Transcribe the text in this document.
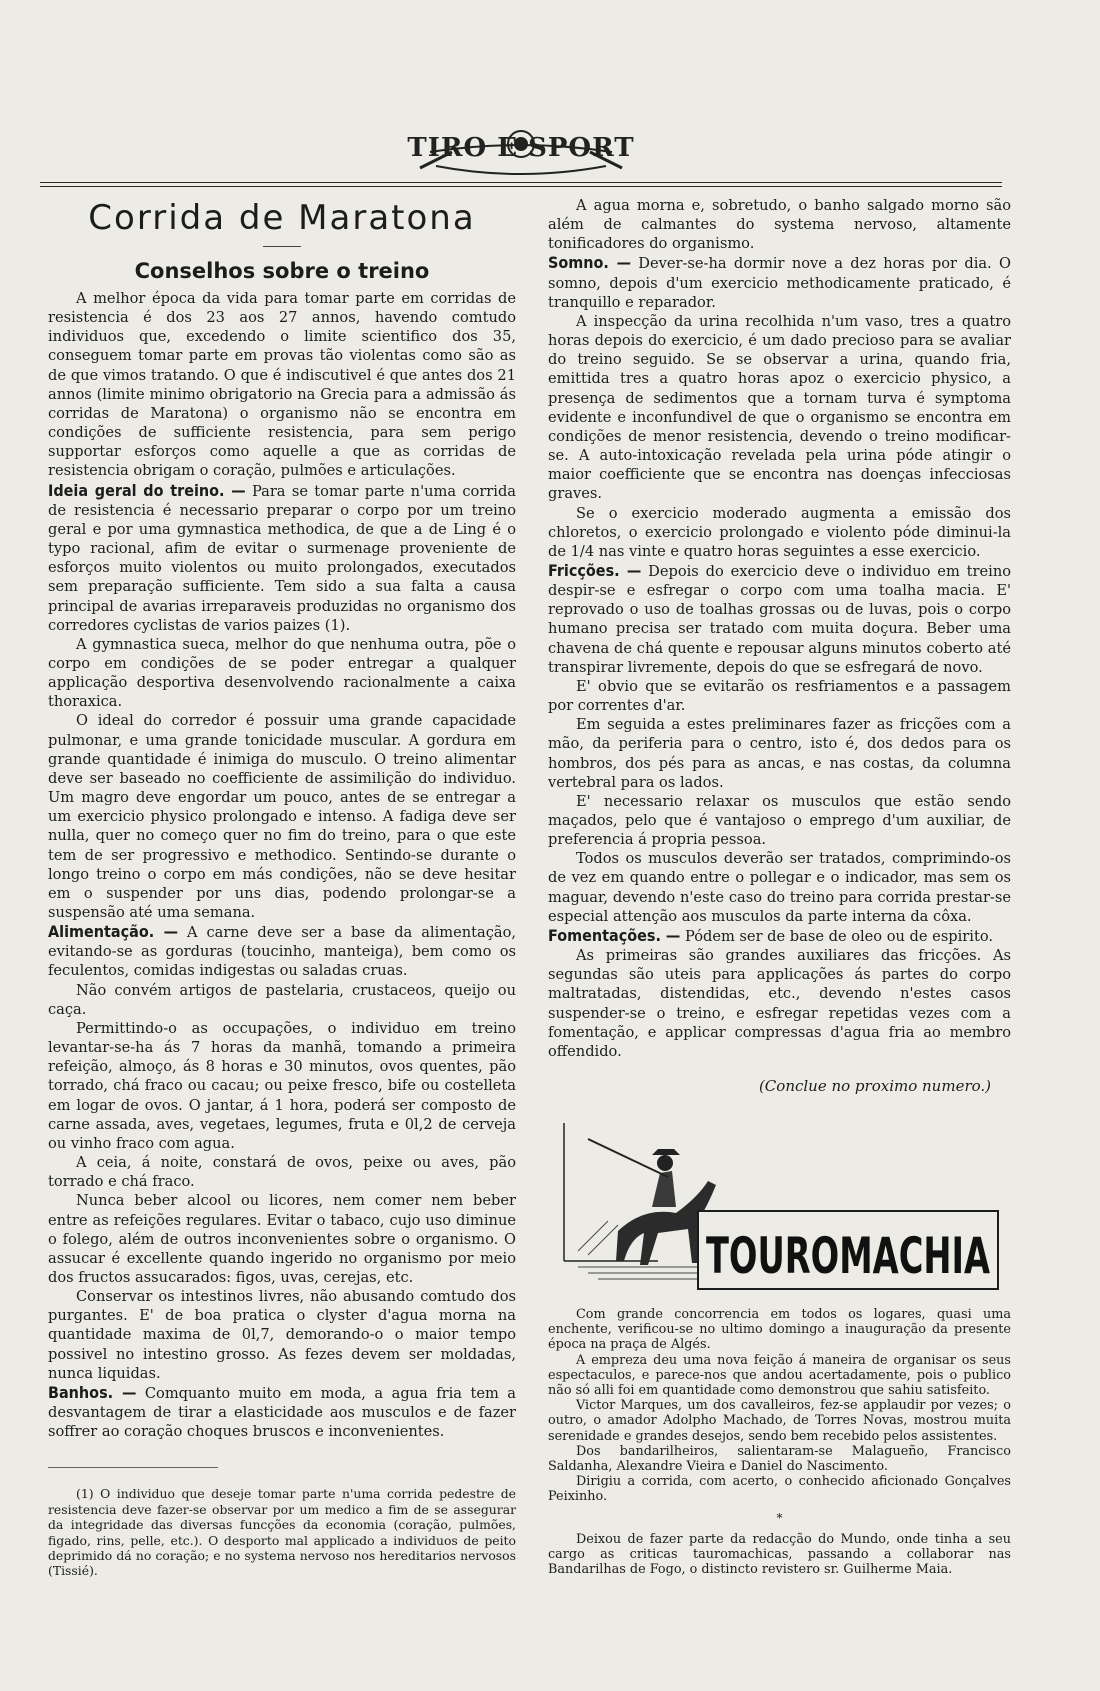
TIRO E SPORT
Corrida de Maratona
Conselhos sobre o treino

A melhor época da vida para tomar parte em corridas de resistencia é dos 23 aos 27 annos, havendo comtudo individuos que, excedendo o limite scientifico dos 35, conseguem tomar parte em provas tão violentas como são as de que vimos tratando. O que é indiscutivel é que antes dos 21 annos (limite minimo obrigatorio na Grecia para a admissão ás corridas de Maratona) o organismo não se encontra em condições de sufficiente resistencia, para sem perigo supportar esforços como aquelle a que as corridas de resistencia obrigam o coração, pulmões e articulações.

Ideia geral do treino. — Para se tomar parte n'uma corrida de resistencia é necessario preparar o corpo por um treino geral e por uma gymnastica methodica, de que a de Ling é o typo racional, afim de evitar o surmenage proveniente de esforços muito violentos ou muito prolongados, executados sem preparação sufficiente. Tem sido a sua falta a causa principal de avarias irreparaveis produzidas no organismo dos corredores cyclistas de varios paizes (1).

A gymnastica sueca, melhor do que nenhuma outra, põe o corpo em condições de se poder entregar a qualquer applicação desportiva desenvolvendo racionalmente a caixa thoraxica.

O ideal do corredor é possuir uma grande capacidade pulmonar, e uma grande tonicidade muscular. A gordura em grande quantidade é inimiga do musculo. O treino alimentar deve ser baseado no coefficiente de assimilição do individuo. Um magro deve engordar um pouco, antes de se entregar a um exercicio physico prolongado e intenso. A fadiga deve ser nulla, quer no começo quer no fim do treino, para o que este tem de ser progressivo e methodico. Sentindo-se durante o longo treino o corpo em más condições, não se deve hesitar em o suspender por uns dias, podendo prolongar-se a suspensão até uma semana.

Alimentação. — A carne deve ser a base da alimentação, evitando-se as gorduras (toucinho, manteiga), bem como os feculentos, comidas indigestas ou saladas cruas.

Não convém artigos de pastelaria, crustaceos, queijo ou caça.

Permittindo-o as occupações, o individuo em treino levantar-se-ha ás 7 horas da manhã, tomando a primeira refeição, almoço, ás 8 horas e 30 minutos, ovos quentes, pão torrado, chá fraco ou cacau; ou peixe fresco, bife ou costelleta em logar de ovos. O jantar, á 1 hora, poderá ser composto de carne assada, aves, vegetaes, legumes, fruta e 0l,2 de cerveja ou vinho fraco com agua.

A ceia, á noite, constará de ovos, peixe ou aves, pão torrado e chá fraco.

Nunca beber alcool ou licores, nem comer nem beber entre as refeições regulares. Evitar o tabaco, cujo uso diminue o folego, além de outros inconvenientes sobre o organismo. O assucar é excellente quando ingerido no organismo por meio dos fructos assucarados: figos, uvas, cerejas, etc.

Conservar os intestinos livres, não abusando comtudo dos purgantes. E' de boa pratica o clyster d'agua morna na quantidade maxima de 0l,7, demorando-o o maior tempo possivel no intestino grosso. As fezes devem ser moldadas, nunca liquidas.

Banhos. — Comquanto muito em moda, a agua fria tem a desvantagem de tirar a elasticidade aos musculos e de fazer soffrer ao coração choques bruscos e inconvenientes.

(1) O individuo que deseje tomar parte n'uma corrida pedestre de resistencia deve fazer-se observar por um medico a fim de se assegurar da integridade das diversas funcções da economia (coração, pulmões, figado, rins, pelle, etc.). O desporto mal applicado a individuos de peito deprimido dá no coração; e no systema nervoso nos hereditarios nervosos (Tissié).

A agua morna e, sobretudo, o banho salgado morno são além de calmantes do systema nervoso, altamente tonificadores do organismo.

Somno. — Dever-se-ha dormir nove a dez horas por dia. O somno, depois d'um exercicio methodicamente praticado, é tranquillo e reparador.

A inspecção da urina recolhida n'um vaso, tres a quatro horas depois do exercicio, é um dado precioso para se avaliar do treino seguido. Se se observar a urina, quando fria, emittida tres a quatro horas apoz o exercicio physico, a presença de sedimentos que a tornam turva é symptoma evidente e inconfundivel de que o organismo se encontra em condições de menor resistencia, devendo o treino modificar-se. A auto-intoxicação revelada pela urina póde atingir o maior coefficiente que se encontra nas doenças infecciosas graves.

Se o exercicio moderado augmenta a emissão dos chloretos, o exercicio prolongado e violento póde diminui-la de 1/4 nas vinte e quatro horas seguintes a esse exercicio.

Fricções. — Depois do exercicio deve o individuo em treino despir-se e esfregar o corpo com uma toalha macia. E' reprovado o uso de toalhas grossas ou de luvas, pois o corpo humano precisa ser tratado com muita doçura. Beber uma chavena de chá quente e repousar alguns minutos coberto até transpirar livremente, depois do que se esfregará de novo.

E' obvio que se evitarão os resfriamentos e a passagem por correntes d'ar.

Em seguida a estes preliminares fazer as fricções com a mão, da periferia para o centro, isto é, dos dedos para os hombros, dos pés para as ancas, e nas costas, da columna vertebral para os lados.

E' necessario relaxar os musculos que estão sendo maçados, pelo que é vantajoso o emprego d'um auxiliar, de preferencia á propria pessoa.

Todos os musculos deverão ser tratados, comprimindo-os de vez em quando entre o pollegar e o indicador, mas sem os maguar, devendo n'este caso do treino para corrida prestar-se especial attenção aos musculos da parte interna da côxa.

Fomentações. — Pódem ser de base de oleo ou de espirito.

As primeiras são grandes auxiliares das fricções. As segundas são uteis para applicações ás partes do corpo maltratadas, distendidas, etc., devendo n'estes casos suspender-se o treino, e esfregar repetidas vezes com a fomentação, e applicar compressas d'agua fria ao membro offendido.

(Conclue no proximo numero.)
TOUROMACHIA

Com grande concorrencia em todos os logares, quasi uma enchente, verificou-se no ultimo domingo a inauguração da presente época na praça de Algés.

A empreza deu uma nova feição á maneira de organisar os seus espectaculos, e parece-nos que andou acertadamente, pois o publico não só alli foi em quantidade como demonstrou que sahiu satisfeito.

Victor Marques, um dos cavalleiros, fez-se applaudir por vezes; o outro, o amador Adolpho Machado, de Torres Novas, mostrou muita serenidade e grandes desejos, sendo bem recebido pelos assistentes.

Dos bandarilheiros, salientaram-se Malagueño, Francisco Saldanha, Alexandre Vieira e Daniel do Nascimento.

Dirigiu a corrida, com acerto, o conhecido aficionado Gonçalves Peixinho.

*

Deixou de fazer parte da redacção do Mundo, onde tinha a seu cargo as criticas tauromachicas, passando a collaborar nas Bandarilhas de Fogo, o distincto revistero sr. Guilherme Maia.
